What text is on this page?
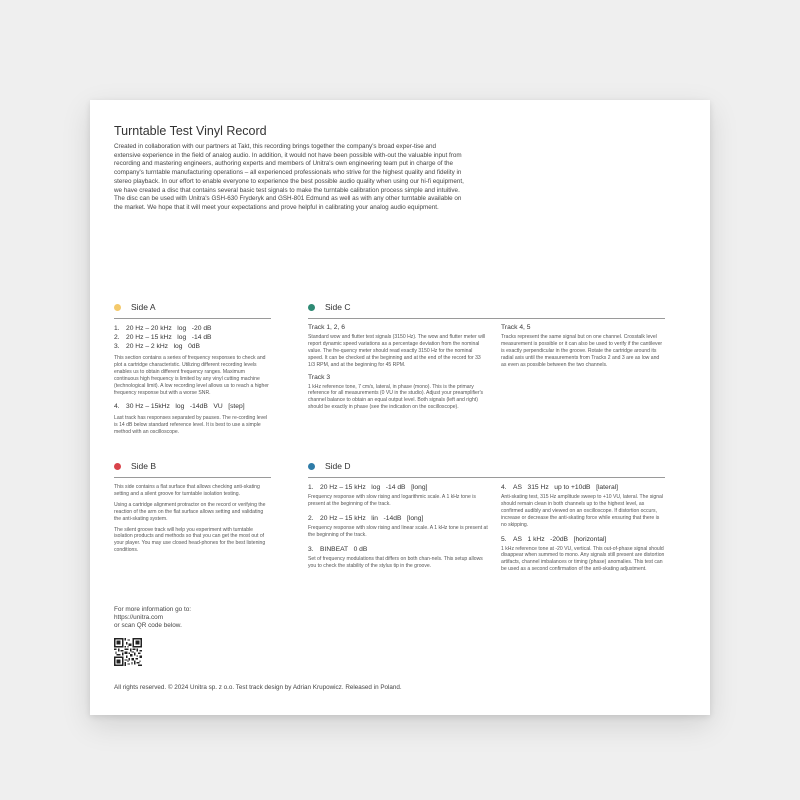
Turntable Test Vinyl Record
Created in collaboration with our partners at Takt, this recording brings together the company's broad exper-tise and extensive experience in the field of analog audio. In addition, it would not have been possible with-out the valuable input from recording and mastering engineers, authoring experts and members of Unitra's own engineering team put in charge of the company's turntable manufacturing operations – all experienced professionals who strive for the highest quality and fidelity in stereo playback. In our effort to enable everyone to experience the best possible audio quality when using our hi-fi equipment, we have created a disc that contains several basic test signals to make the turntable calibration process simple and intuitive. The disc can be used with Unitra's GSH-630 Fryderyk and GSH-801 Edmund as well as with any other turntable available on the market. We hope that it will meet your expectations and prove helpful in calibrating your analog audio equipment.
Side A
1. 20 Hz – 20 kHz   log   -20 dB
2. 20 Hz – 15 kHz   log   -14 dB
3. 20 Hz – 2 kHz   log   0dB
This section contains a series of frequency responses to check and plot a cartridge characteristic. Utilizing different recording levels enables us to obtain different frequency ranges. Maximum continuous high frequency is limited by any vinyl cutting machine (technological limit). A low recording level allows us to reach a higher frequency response but with a worse SNR.
4. 30 Hz – 15kHz   log   -14dB   VU   [step]
Last track has responses separated by pauses. The re-cording level is 14 dB below standard reference level. It is best to use a simple method with an oscilloscope.
Side B
This side contains a flat surface that allows checking anti-skating setting and a silent groove for turntable isolation testing.
Using a cartridge alignment protractor on the record or verifying the reaction of the arm on the flat surface allows setting and validating the anti-skating system.
The silent groove track will help you experiment with turntable isolation products and methods so that you can get the most out of your player. You may use closed head-phones for the best listening conditions.
Side C
Track 1, 2, 6
Standard wow and flutter test signals (3150 Hz). The wow and flutter meter will report dynamic speed variations as a percentage deviation from the nominal value. The fre-quency meter should read exactly 3150 Hz for the nominal speed. It can be checked at the beginning and at the end of the record for 33 1/3 RPM, and at the beginning for 45 RPM.
Track 3
1 kHz reference tone, 7 cm/s, lateral, in phase (mono). This is the primary reference for all measurements (0 VU in the studio). Adjust your preamplifier's channel balance to obtain an equal output level. Both signals (left and right) should be exactly in phase (see the indication on the oscilloscope).
Track 4, 5
Tracks represent the same signal but on one channel. Crosstalk level measurement is possible or it can also be used to verify if the cantilever is exactly perpendicular in the groove. Rotate the cartridge around its radial axis until the measurements from Tracks 2 and 3 are as low and as even as possible between the two channels.
Side D
1. 20 Hz – 15 kHz   log   -14 dB   [long]
Frequency response with slow rising and logarithmic scale. A 1 kHz tone is present at the beginning of the track.
2. 20 Hz – 15 kHz   lin   -14dB   [long]
Frequency response with slow rising and linear scale. A 1 kHz tone is present at the beginning of the track.
3. BINBEAT   0 dB
Set of frequency modulations that differs on both chan-nels. This setup allows you to check the stability of the stylus tip in the groove.
4. AS   315 Hz   up to +10dB   [lateral]
Anti-skating test, 315 Hz amplitude sweep to +10 VU, lateral. The signal should remain clean in both channels up to the highest level, as confirmed audibly and viewed on an oscilloscope. If distortion occurs, increase or decrease the anti-skating force while ensuring that there is no skipping.
5. AS   1 kHz   -20dB   [horizontal]
1 kHz reference tone at -20 VU, vertical. This out-of-phase signal should disappear when summed to mono. Any signals still present are distortion artifacts, channel imbalances or timing (phase) anomalies. This test can be used as a second confirmation of the anti-skating adjustment.
For more information go to:
https://unitra.com
or scan QR code below.
All rights reserved. © 2024 Unitra sp. z o.o. Test track design by Adrian Krupowicz. Released in Poland.
